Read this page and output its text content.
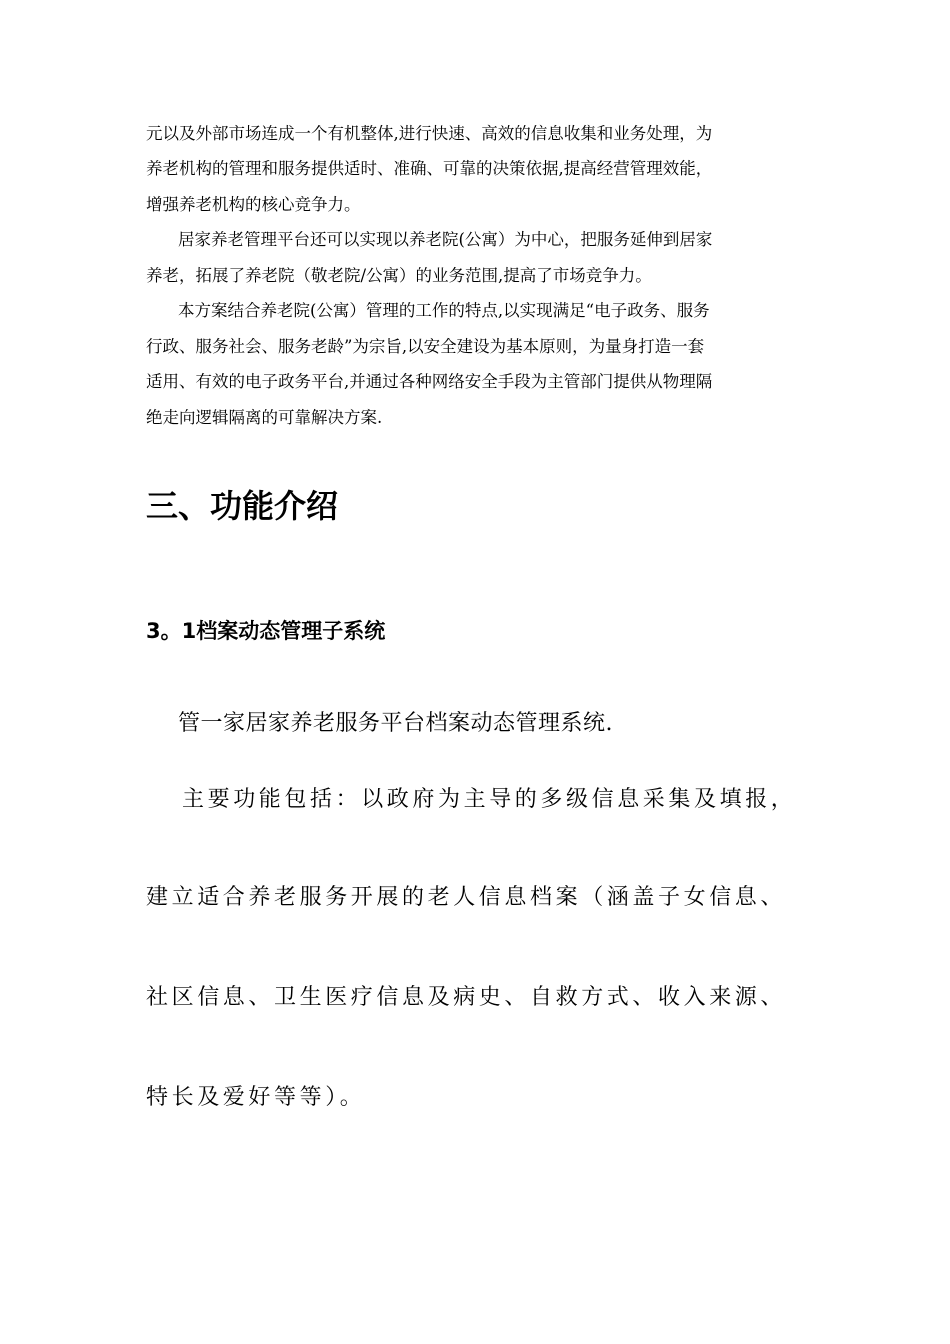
元以及外部市场连成一个有机整体,进行快速、高效的信息收集和业务处理，为
养老机构的管理和服务提供适时、准确、可靠的决策依据,提高经营管理效能，
增强养老机构的核心竞争力。
居家养老管理平台还可以实现以养老院(公寓）为中心，把服务延伸到居家
养老，拓展了养老院（敬老院/公寓）的业务范围,提高了市场竞争力。
本方案结合养老院(公寓）管理的工作的特点,以实现满足“电子政务、服务
行政、服务社会、服务老龄”为宗旨,以安全建设为基本原则，为量身打造一套
适用、有效的电子政务平台,并通过各种网络安全手段为主管部门提供从物理隔
绝走向逻辑隔离的可靠解决方案.
三、功能介绍
3。1档案动态管理子系统
管一家居家养老服务平台档案动态管理系统.
主要功能包括：以政府为主导的多级信息采集及填报，
建立适合养老服务开展的老人信息档案（涵盖子女信息、
社区信息、卫生医疗信息及病史、自救方式、收入来源、
特长及爱好等等）。
